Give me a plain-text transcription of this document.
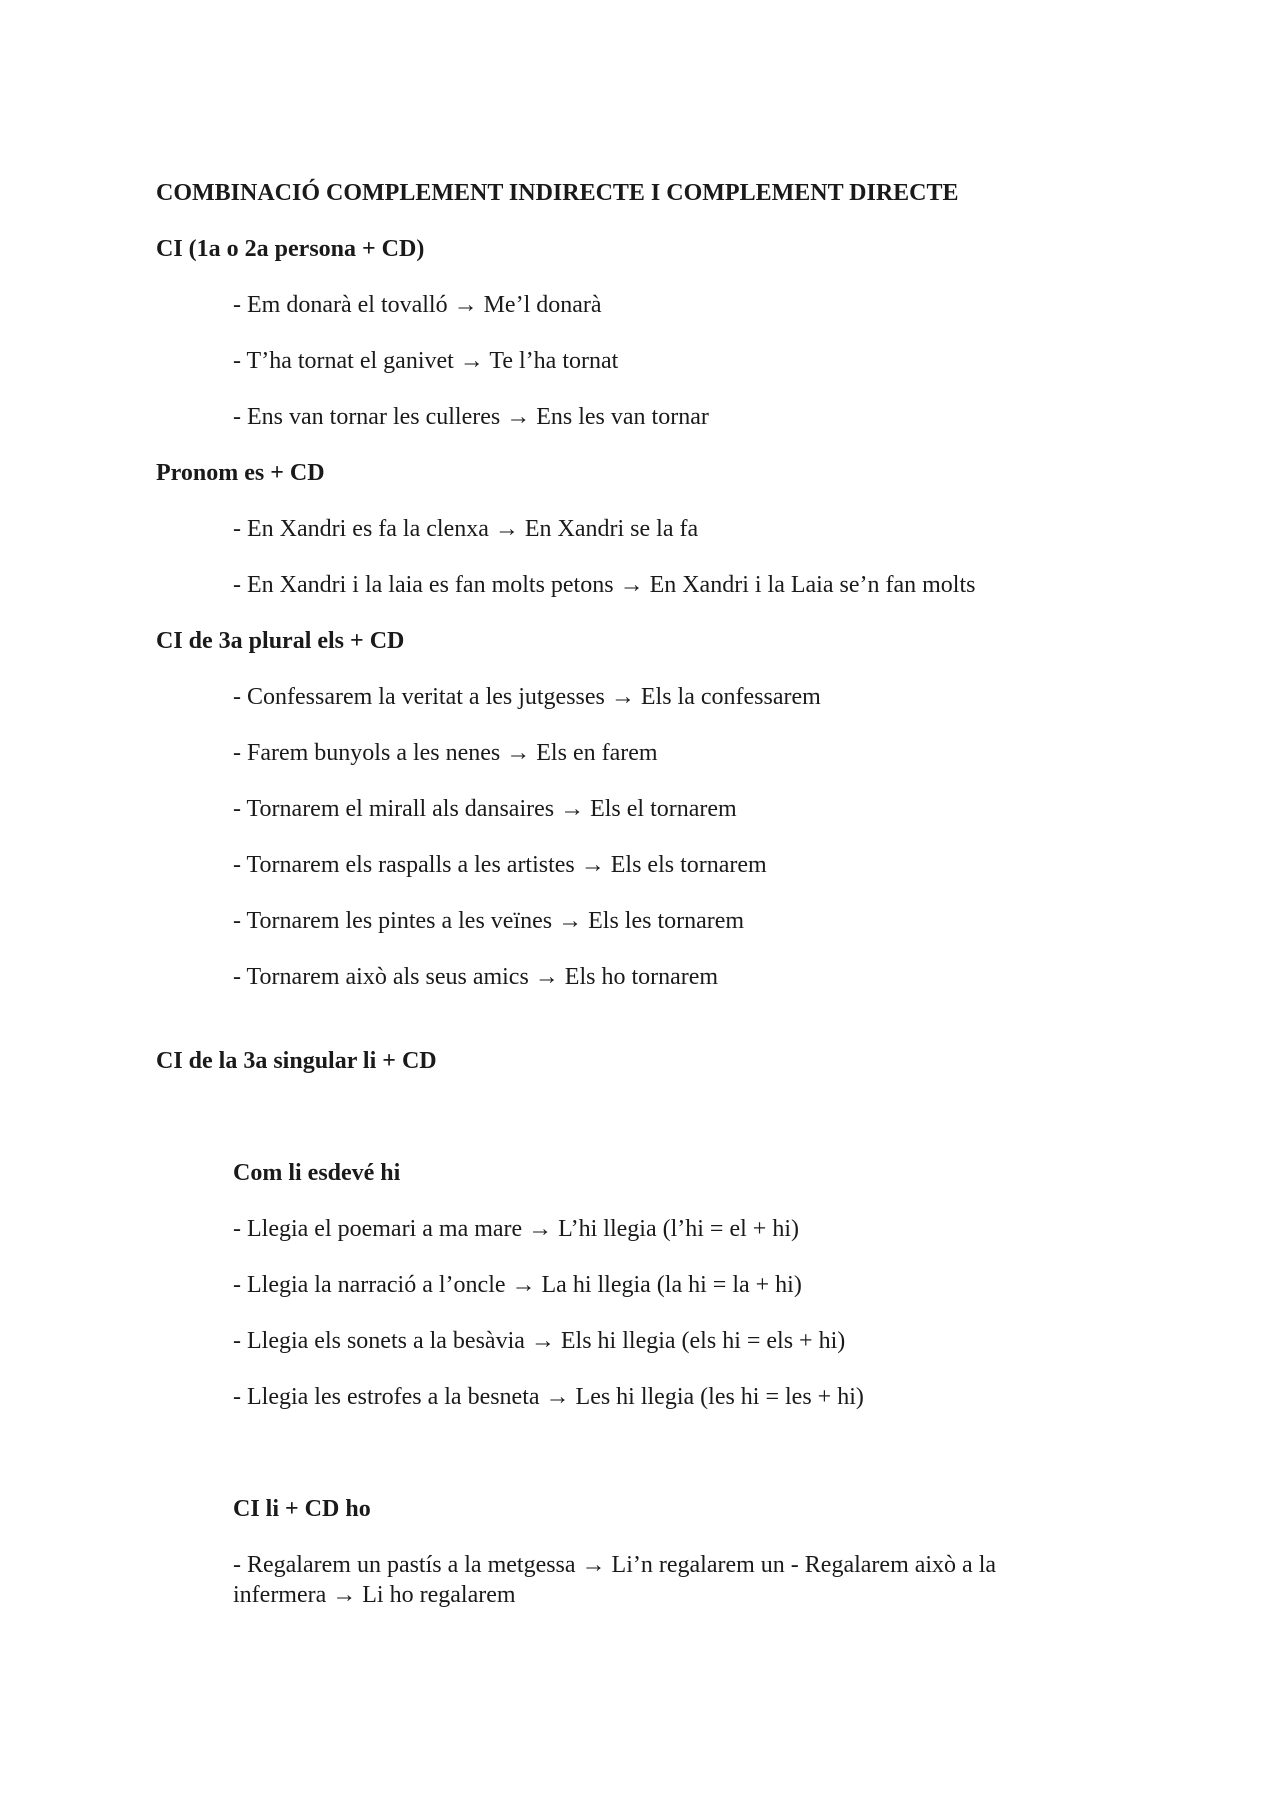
COMBINACIÓ COMPLEMENT INDIRECTE I COMPLEMENT DIRECTE

CI (1a o 2a persona + CD)

- Em donarà el tovalló → Me’l donarà

- T’ha tornat el ganivet → Te l’ha tornat

- Ens van tornar les culleres → Ens les van tornar

Pronom es + CD

- En Xandri es fa la clenxa → En Xandri se la fa

- En Xandri i la laia es fan molts petons → En Xandri i la Laia se’n fan molts

CI de 3a plural els + CD

- Confessarem la veritat a les jutgesses → Els la confessarem

- Farem bunyols a les nenes → Els en farem

- Tornarem el mirall als dansaires → Els el tornarem

- Tornarem els raspalls a les artistes → Els els tornarem

- Tornarem les pintes a les veïnes → Els les tornarem

- Tornarem això als seus amics → Els ho tornarem

CI de la 3a singular li + CD

Com li esdevé hi

- Llegia el poemari a ma mare → L’hi llegia (l’hi = el + hi)

- Llegia la narració a l’oncle → La hi llegia (la hi = la + hi)

- Llegia els sonets a la besàvia → Els hi llegia (els hi = els + hi)

- Llegia les estrofes a la besneta → Les hi llegia (les hi = les + hi)

CI li + CD ho

- Regalarem un pastís a la metgessa → Li’n regalarem un - Regalarem això a la infermera → Li ho regalarem
